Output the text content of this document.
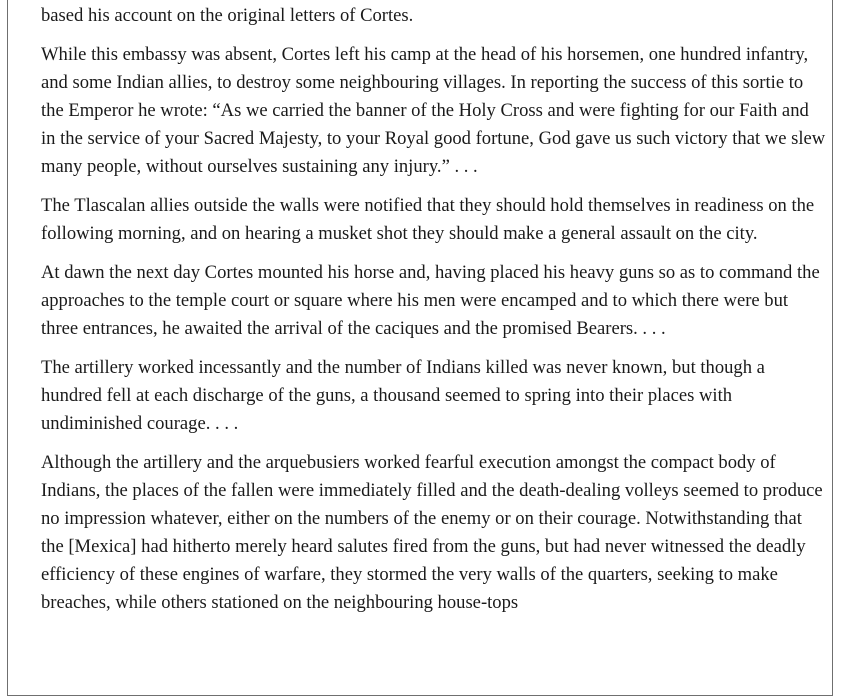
based his account on the original letters of Cortes.

While this embassy was absent, Cortes left his camp at the head of his horsemen, one hundred infantry, and some Indian allies, to destroy some neighbouring villages. In reporting the success of this sortie to the Emperor he wrote: “As we carried the banner of the Holy Cross and were fighting for our Faith and in the service of your Sacred Majesty, to your Royal good fortune, God gave us such victory that we slew many people, without ourselves sustaining any injury.” . . .

The Tlascalan allies outside the walls were notified that they should hold themselves in readiness on the following morning, and on hearing a musket shot they should make a general assault on the city.

At dawn the next day Cortes mounted his horse and, having placed his heavy guns so as to command the approaches to the temple court or square where his men were encamped and to which there were but three entrances, he awaited the arrival of the caciques and the promised Bearers. . . .

The artillery worked incessantly and the number of Indians killed was never known, but though a hundred fell at each discharge of the guns, a thousand seemed to spring into their places with undiminished courage. . . .

Although the artillery and the arquebusiers worked fearful execution amongst the compact body of Indians, the places of the fallen were immediately filled and the death-dealing volleys seemed to produce no impression whatever, either on the numbers of the enemy or on their courage. Notwithstanding that the [Mexica] had hitherto merely heard salutes fired from the guns, but had never witnessed the deadly efficiency of these engines of warfare, they stormed the very walls of the quarters, seeking to make breaches, while others stationed on the neighbouring house-tops
